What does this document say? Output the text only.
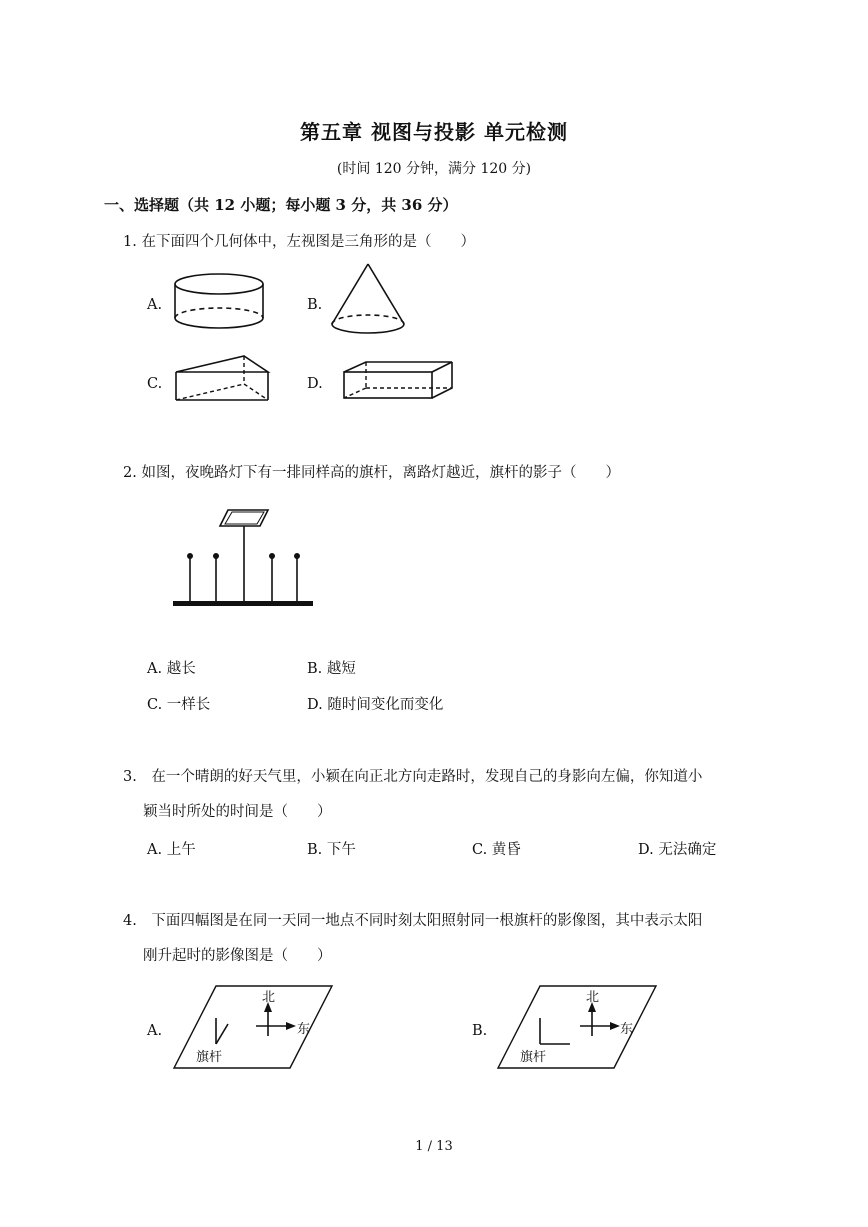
第五章 视图与投影 单元检测
(时间 120 分钟，满分 120 分)
一、选择题（共 12 小题；每小题 3 分，共 36 分）
1. 在下面四个几何体中，左视图是三角形的是（　　）
A.	B.
C.	D.
2. 如图，夜晚路灯下有一排同样高的旗杆，离路灯越近，旗杆的影子（　　）
A. 越长	B. 越短
C. 一样长	D. 随时间变化而变化
3.　在一个晴朗的好天气里，小颖在向正北方向走路时，发现自己的身影向左偏，你知道小
颖当时所处的时间是（　　）
A. 上午	B. 下午	C. 黄昏	D. 无法确定
4.　下面四幅图是在同一天同一地点不同时刻太阳照射同一根旗杆的影像图，其中表示太阳
刚升起时的影像图是（　　）
A.
北
东
旗杆
B.
北
东
旗杆
1 / 13
